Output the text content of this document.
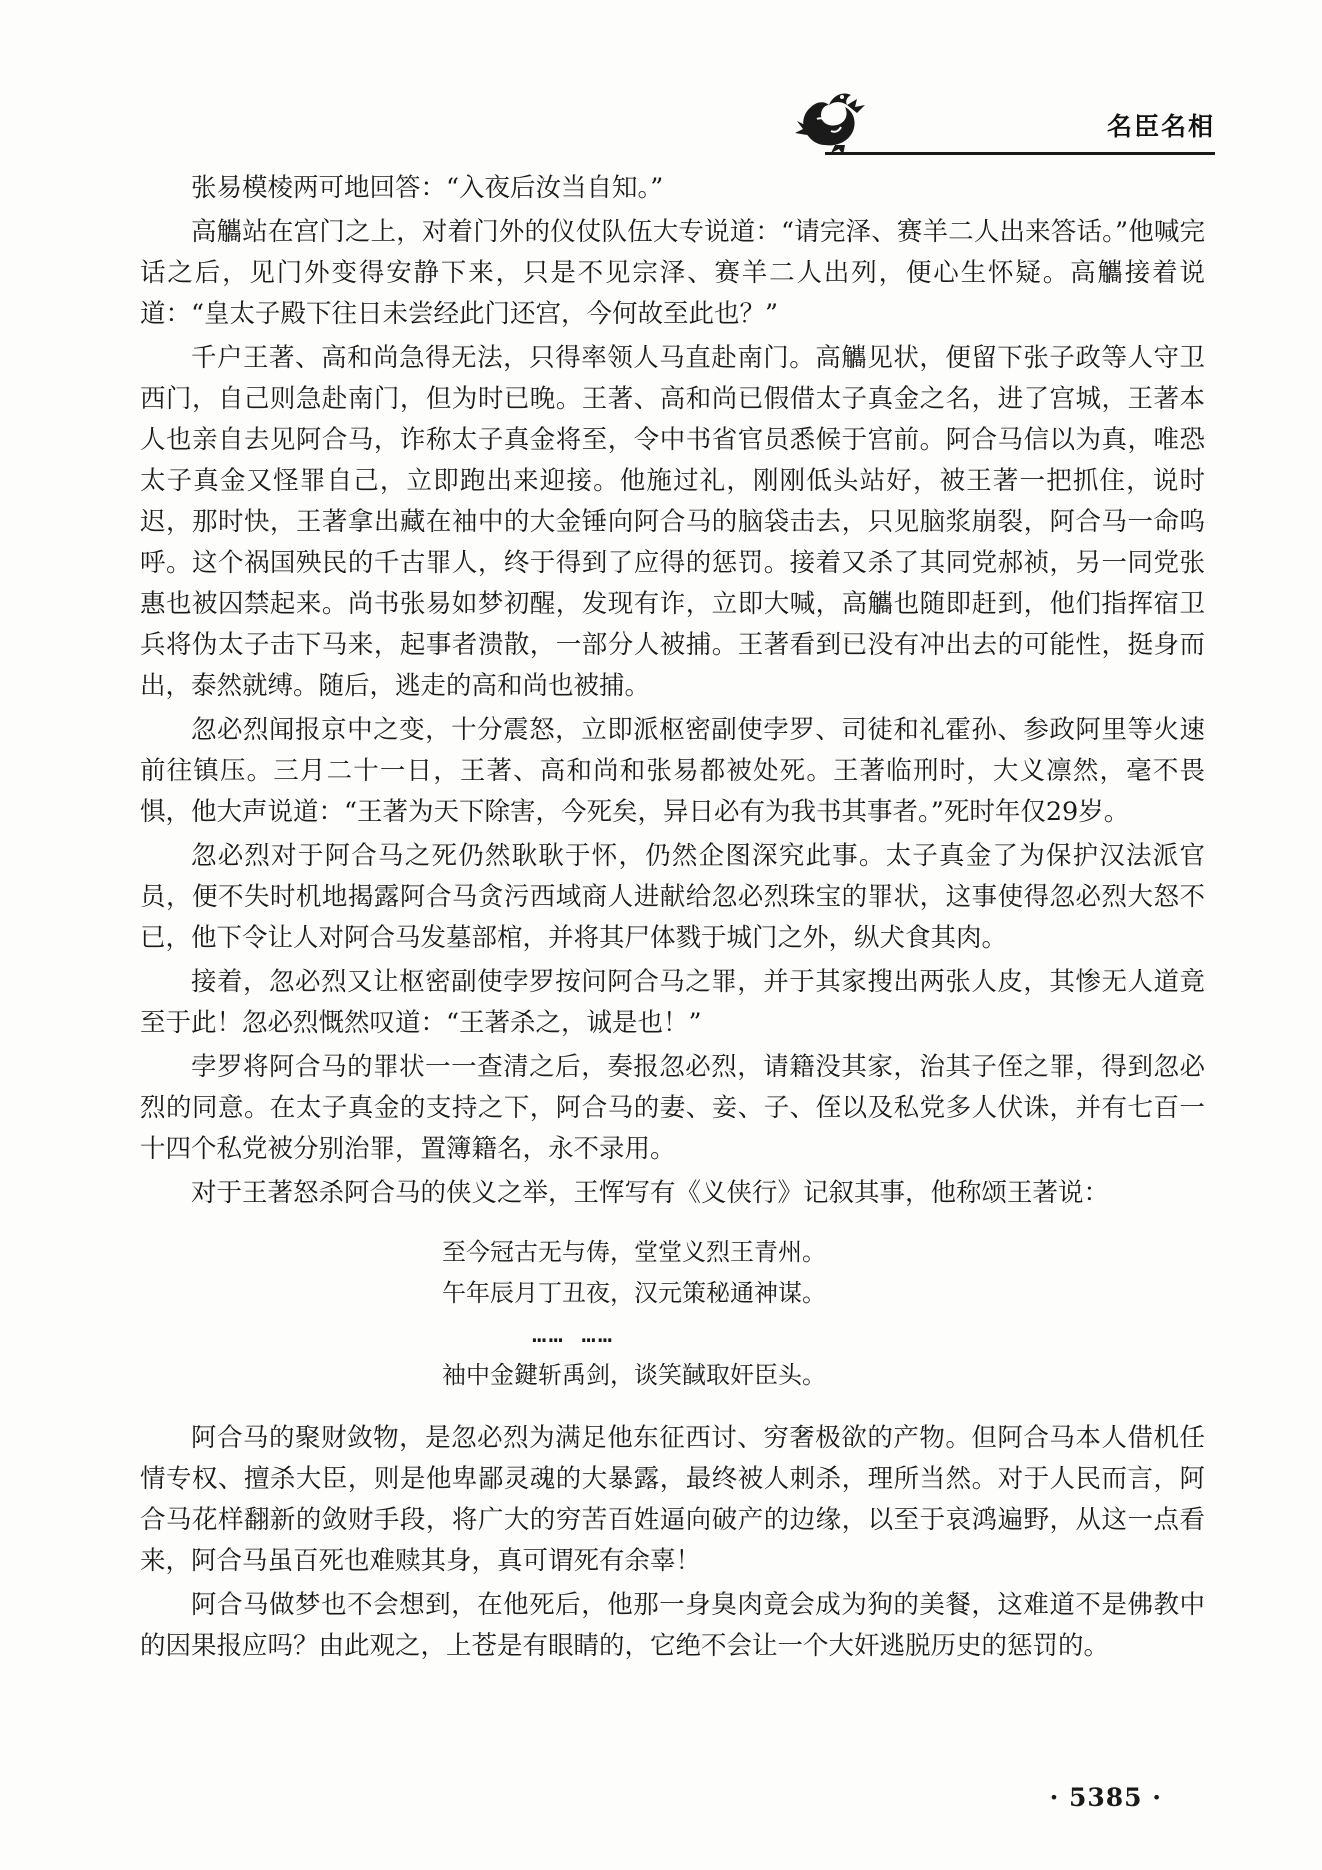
名臣名相

张易模棱两可地回答：“入夜后汝当自知。”

高觿站在宫门之上，对着门外的仪仗队伍大专说道：“请完泽、赛羊二人出来答话。”他喊完话之后，见门外变得安静下来，只是不见宗泽、赛羊二人出列，便心生怀疑。高觿接着说道：“皇太子殿下往日未尝经此门还宫，今何故至此也？”

千户王著、高和尚急得无法，只得率领人马直赴南门。高觿见状，便留下张子政等人守卫西门，自己则急赴南门，但为时已晚。王著、高和尚已假借太子真金之名，进了宫城，王著本人也亲自去见阿合马，诈称太子真金将至，令中书省官员悉候于宫前。阿合马信以为真，唯恐太子真金又怪罪自己，立即跑出来迎接。他施过礼，刚刚低头站好，被王著一把抓住，说时迟，那时快，王著拿出藏在袖中的大金锤向阿合马的脑袋击去，只见脑浆崩裂，阿合马一命呜呼。这个祸国殃民的千古罪人，终于得到了应得的惩罚。接着又杀了其同党郝祯，另一同党张惠也被囚禁起来。尚书张易如梦初醒，发现有诈，立即大喊，高觿也随即赶到，他们指挥宿卫兵将伪太子击下马来，起事者溃散，一部分人被捕。王著看到已没有冲出去的可能性，挺身而出，泰然就缚。随后，逃走的高和尚也被捕。

忽必烈闻报京中之变，十分震怒，立即派枢密副使孛罗、司徒和礼霍孙、参政阿里等火速前往镇压。三月二十一日，王著、高和尚和张易都被处死。王著临刑时，大义凛然，毫不畏惧，他大声说道：“王著为天下除害，今死矣，异日必有为我书其事者。”死时年仅29岁。

忽必烈对于阿合马之死仍然耿耿于怀，仍然企图深究此事。太子真金了为保护汉法派官员，便不失时机地揭露阿合马贪污西域商人进献给忽必烈珠宝的罪状，这事使得忽必烈大怒不已，他下令让人对阿合马发墓部棺，并将其尸体戮于城门之外，纵犬食其肉。

接着，忽必烈又让枢密副使孛罗按问阿合马之罪，并于其家搜出两张人皮，其惨无人道竟至于此！忽必烈慨然叹道：“王著杀之，诚是也！”

孛罗将阿合马的罪状一一查清之后，奏报忽必烈，请籍没其家，治其子侄之罪，得到忽必烈的同意。在太子真金的支持之下，阿合马的妻、妾、子、侄以及私党多人伏诛，并有七百一十四个私党被分别治罪，置簿籍名，永不录用。

对于王著怒杀阿合马的侠义之举，王恽写有《义侠行》记叙其事，他称颂王著说：

至今冠古无与俦，堂堂义烈王青州。
午年辰月丁丑夜，汉元策秘通神谋。
…… ……
袖中金鍵斩禹剑，谈笑馘取奸臣头。

阿合马的聚财敛物，是忽必烈为满足他东征西讨、穷奢极欲的产物。但阿合马本人借机任情专权、擅杀大臣，则是他卑鄙灵魂的大暴露，最终被人刺杀，理所当然。对于人民而言，阿合马花样翻新的敛财手段，将广大的穷苦百姓逼向破产的边缘，以至于哀鸿遍野，从这一点看来，阿合马虽百死也难赎其身，真可谓死有余辜！

阿合马做梦也不会想到，在他死后，他那一身臭肉竟会成为狗的美餐，这难道不是佛教中的因果报应吗？由此观之，上苍是有眼睛的，它绝不会让一个大奸逃脱历史的惩罚的。

· 5385 ·
